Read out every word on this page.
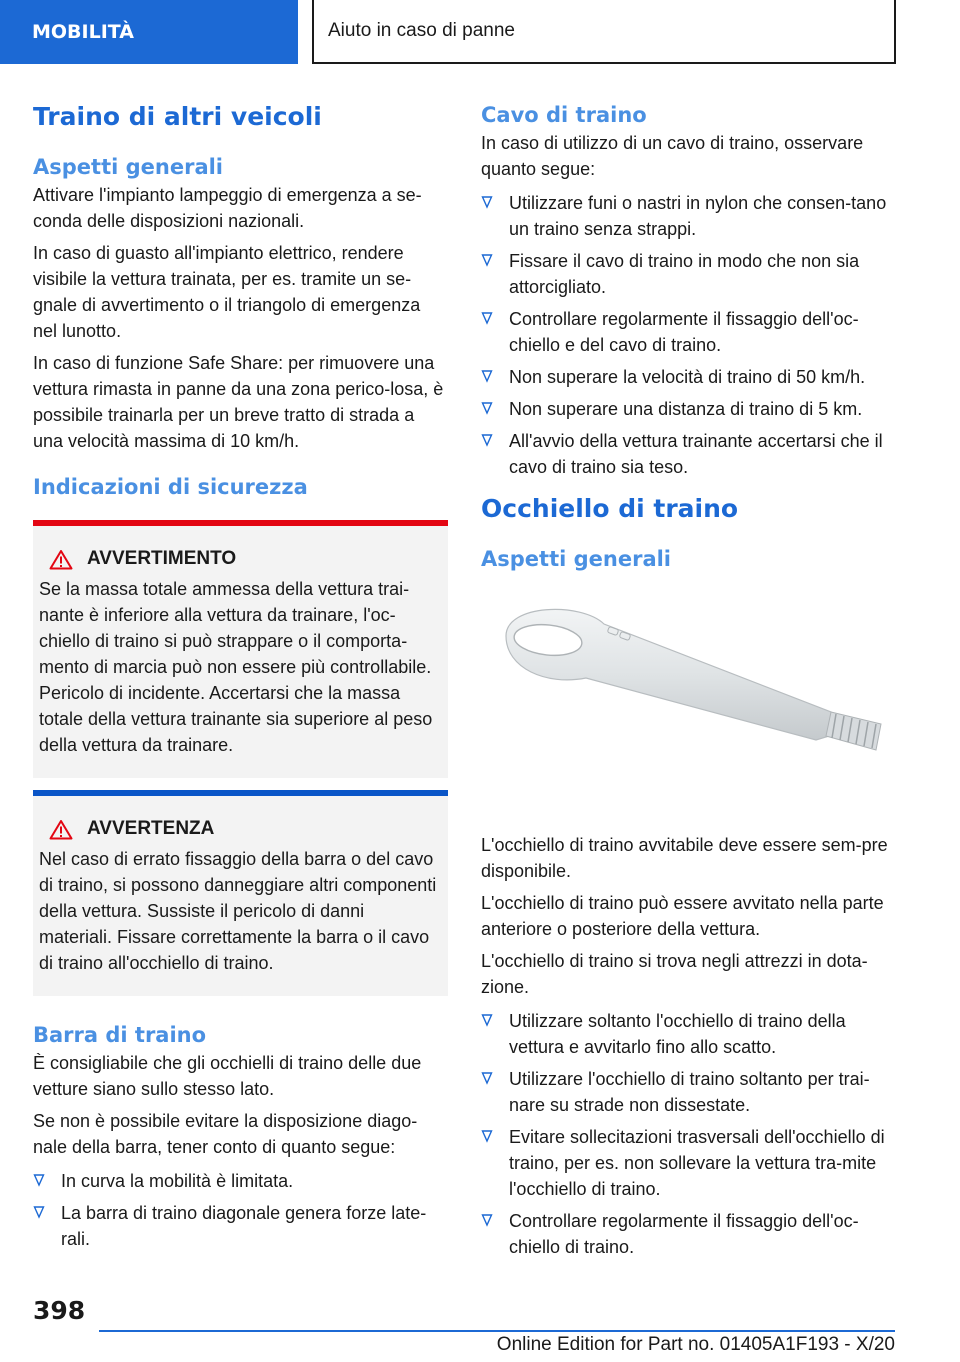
MOBILITÀ	Aiuto in caso di panne
Traino di altri veicoli
Aspetti generali

Attivare l'impianto lampeggio di emergenza a se-conda delle disposizioni nazionali.

In caso di guasto all'impianto elettrico, rendere visibile la vettura trainata, per es. tramite un se-gnale di avvertimento o il triangolo di emergenza nel lunotto.

In caso di funzione Safe Share: per rimuovere una vettura rimasta in panne da una zona perico-losa, è possibile trainarla per un breve tratto di strada a una velocità massima di 10 km/h.

Indicazioni di sicurezza
AVVERTIMENTO

Se la massa totale ammessa della vettura trai-nante è inferiore alla vettura da trainare, l'oc-chiello di traino si può strappare o il comporta-mento di marcia può non essere più controllabile. Pericolo di incidente. Accertarsi che la massa totale della vettura trainante sia superiore al peso della vettura da trainare.

AVVERTENZA

Nel caso di errato fissaggio della barra o del cavo di traino, si possono danneggiare altri componenti della vettura. Sussiste il pericolo di danni materiali. Fissare correttamente la barra o il cavo di traino all'occhiello di traino.

Barra di traino

È consigliabile che gli occhielli di traino delle due vetture siano sullo stesso lato.

Se non è possibile evitare la disposizione diago-nale della barra, tener conto di quanto segue:

In curva la mobilità è limitata.
La barra di traino diagonale genera forze late-rali.
Cavo di traino

In caso di utilizzo di un cavo di traino, osservare quanto segue:

Utilizzare funi o nastri in nylon che consen-tano un traino senza strappi.
Fissare il cavo di traino in modo che non sia attorcigliato.
Controllare regolarmente il fissaggio dell'oc-chiello e del cavo di traino.
Non superare la velocità di traino di 50 km/h.
Non superare una distanza di traino di 5 km.
All'avvio della vettura trainante accertarsi che il cavo di traino sia teso.
Occhiello di traino
Aspetti generali

L'occhiello di traino avvitabile deve essere sem-pre disponibile.

L'occhiello di traino può essere avvitato nella parte anteriore o posteriore della vettura.

L'occhiello di traino si trova negli attrezzi in dota-zione.

Utilizzare soltanto l'occhiello di traino della vettura e avvitarlo fino allo scatto.
Utilizzare l'occhiello di traino soltanto per trai-nare su strade non dissestate.
Evitare sollecitazioni trasversali dell'occhiello di traino, per es. non sollevare la vettura tra-mite l'occhiello di traino.
Controllare regolarmente il fissaggio dell'oc-chiello di traino.
398
Online Edition for Part no. 01405A1F193 - X/20
